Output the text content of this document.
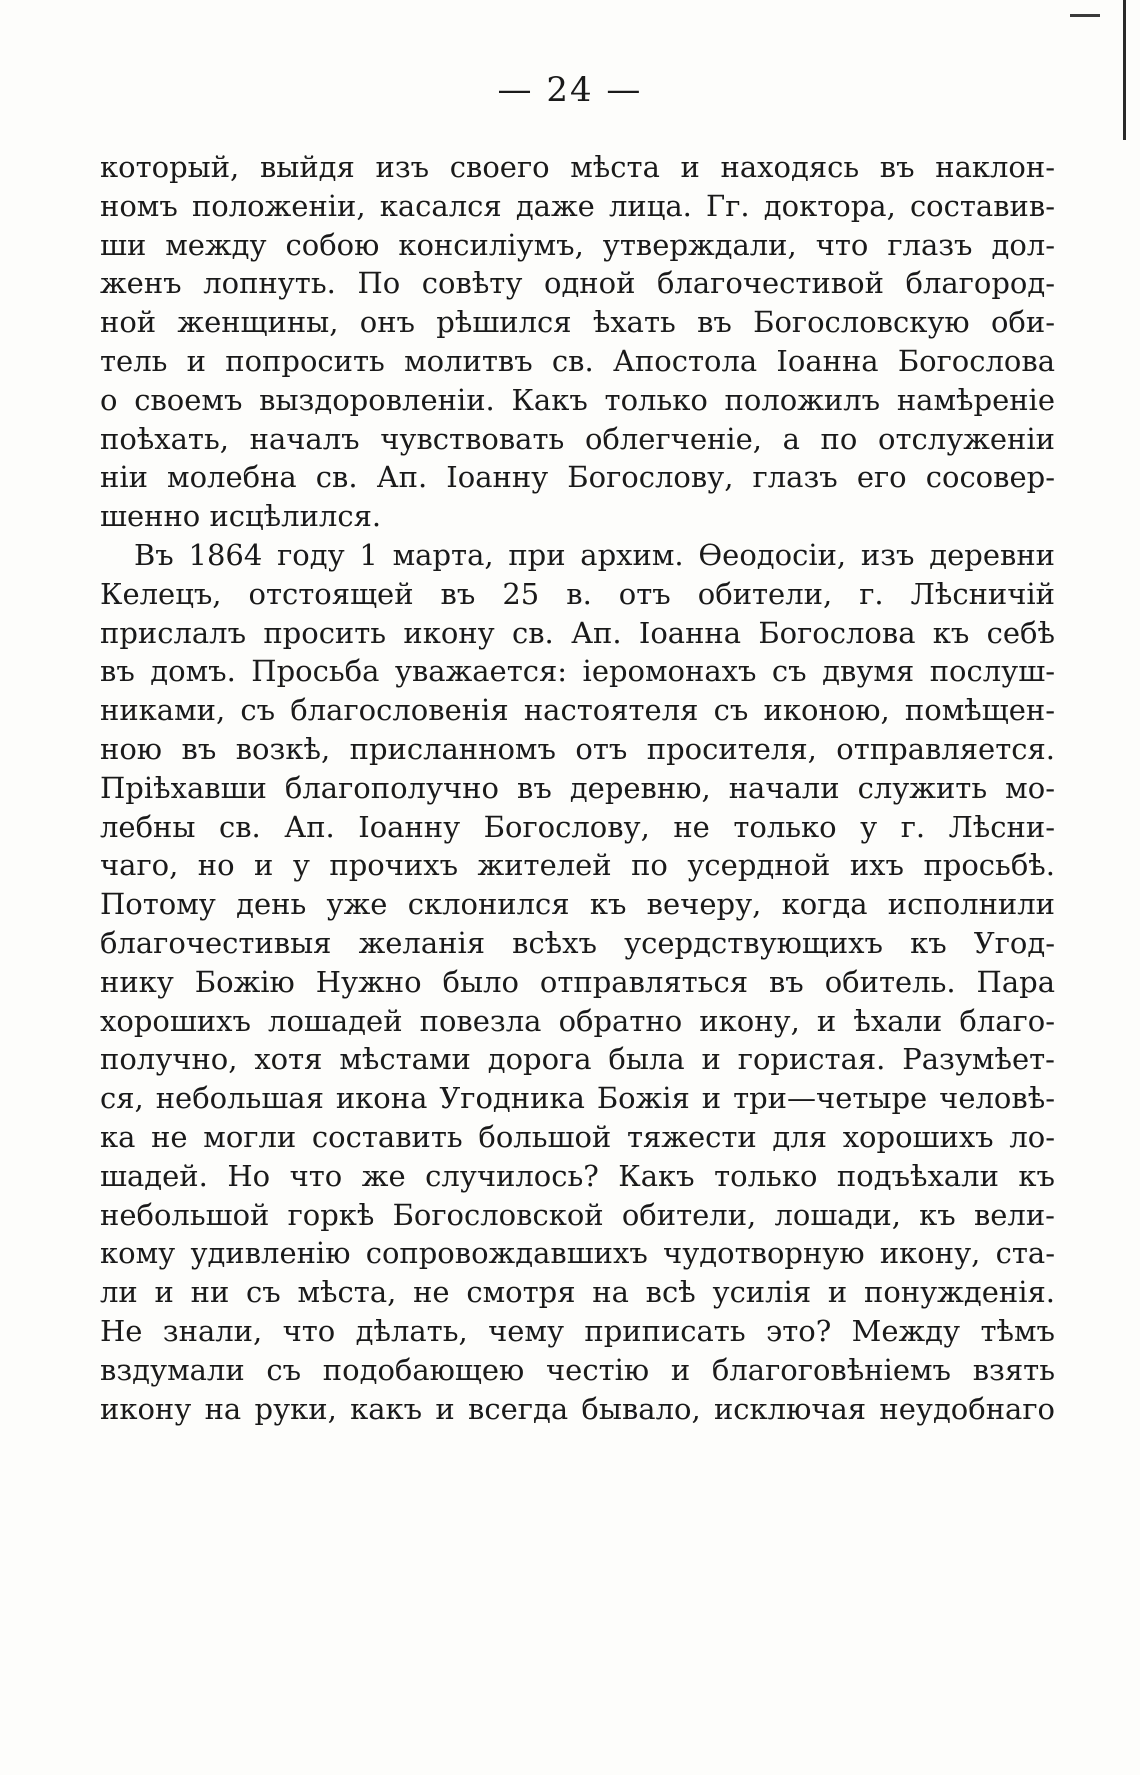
— 24 —
который, выйдя изъ своего мѣста и находясь въ наклон-
номъ положеніи, касался даже лица. Гг. доктора, составив-
ши между собою консиліумъ, утверждали, что глазъ дол-
женъ лопнуть. По совѣту одной благочестивой благород-
ной женщины, онъ рѣшился ѣхать въ Богословскую оби-
тель и попросить молитвъ св. Апостола Іоанна Богослова
о своемъ выздоровленіи. Какъ только положилъ намѣреніе
поѣхать, началъ чувствовать облегченіе, а по отслуженіи
ніи молебна св. Ап. Іоанну Богослову, глазъ его сосовер-
шенно исцѣлился.
Въ 1864 году 1 марта, при архим. Ѳеодосіи, изъ деревни
Келецъ, отстоящей въ 25 в. отъ обители, г. Лѣсничій
прислалъ просить икону св. Ап. Іоанна Богослова къ себѣ
въ домъ. Просьба уважается: іеромонахъ съ двумя послуш-
никами, съ благословенія настоятеля съ иконою, помѣщен-
ною въ возкѣ, присланномъ отъ просителя, отправляется.
Пріѣхавши благополучно въ деревню, начали служить мо-
лебны св. Ап. Іоанну Богослову, не только у г. Лѣсни-
чаго, но и у прочихъ жителей по усердной ихъ просьбѣ.
Потому день уже склонился къ вечеру, когда исполнили
благочестивыя желанія всѣхъ усердствующихъ къ Угод-
нику Божію Нужно было отправляться въ обитель. Пара
хорошихъ лошадей повезла обратно икону, и ѣхали благо-
получно, хотя мѣстами дорога была и гористая. Разумѣет-
ся, небольшая икона Угодника Божія и три—четыре человѣ-
ка не могли составить большой тяжести для хорошихъ ло-
шадей. Но что же случилось? Какъ только подъѣхали къ
небольшой горкѣ Богословской обители, лошади, къ вели-
кому удивленію сопровождавшихъ чудотворную икону, ста-
ли и ни съ мѣста, не смотря на всѣ усилія и понужденія.
Не знали, что дѣлать, чему приписать это? Между тѣмъ
вздумали съ подобающею честію и благоговѣніемъ взять
икону на руки, какъ и всегда бывало, исключая неудобнаго
